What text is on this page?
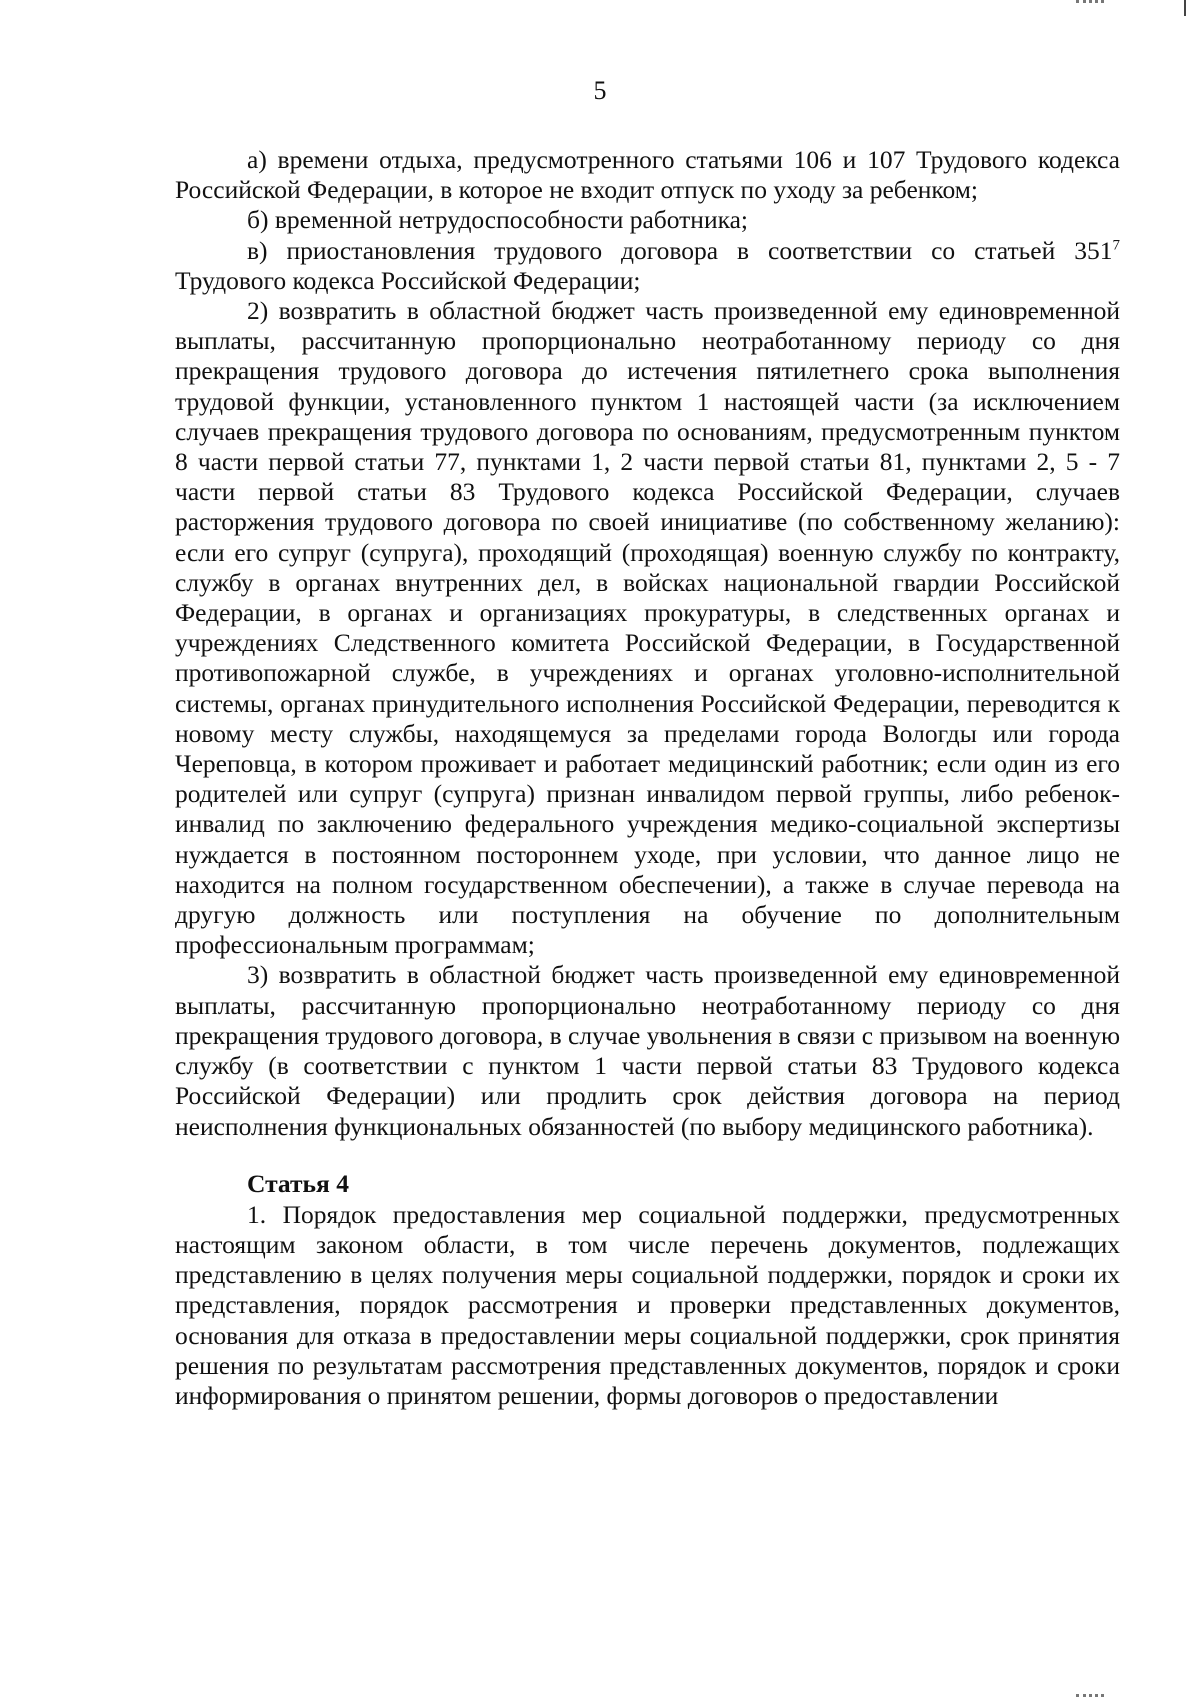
5

а) времени отдыха, предусмотренного статьями 106 и 107 Трудового кодекса Российской Федерации, в которое не входит отпуск по уходу за ребенком;

б) временной нетрудоспособности работника;

в) приостановления трудового договора в соответствии со статьей $351^7$ Трудового кодекса Российской Федерации;

2) возвратить в областной бюджет часть произведенной ему единовременной выплаты, рассчитанную пропорционально неотработанному периоду со дня прекращения трудового договора до истечения пятилетнего срока выполнения трудовой функции, установленного пунктом 1 настоящей части (за исключением случаев прекращения трудового договора по основаниям, предусмотренным пунктом 8 части первой статьи 77, пунктами 1, 2 части первой статьи 81, пунктами 2, 5 - 7 части первой статьи 83 Трудового кодекса Российской Федерации, случаев расторжения трудового договора по своей инициативе (по собственному желанию): если его супруг (супруга), проходящий (проходящая) военную службу по контракту, службу в органах внутренних дел, в войсках национальной гвардии Российской Федерации, в органах и организациях прокуратуры, в следственных органах и учреждениях Следственного комитета Российской Федерации, в Государственной противопожарной службе, в учреждениях и органах уголовно-исполнительной системы, органах принудительного исполнения Российской Федерации, переводится к новому месту службы, находящемуся за пределами города Вологды или города Череповца, в котором проживает и работает медицинский работник; если один из его родителей или супруг (супруга) признан инвалидом первой группы, либо ребенок-инвалид по заключению федерального учреждения медико-социальной экспертизы нуждается в постоянном постороннем уходе, при условии, что данное лицо не находится на полном государственном обеспечении), а также в случае перевода на другую должность или поступления на обучение по дополнительным профессиональным программам;

3) возвратить в областной бюджет часть произведенной ему единовременной выплаты, рассчитанную пропорционально неотработанному периоду со дня прекращения трудового договора, в случае увольнения в связи с призывом на военную службу (в соответствии с пунктом 1 части первой статьи 83 Трудового кодекса Российской Федерации) или продлить срок действия договора на период неисполнения функциональных обязанностей (по выбору медицинского работника).

Статья 4

1. Порядок предоставления мер социальной поддержки, предусмотренных настоящим законом области, в том числе перечень документов, подлежащих представлению в целях получения меры социальной поддержки, порядок и сроки их представления, порядок рассмотрения и проверки представленных документов, основания для отказа в предоставлении меры социальной поддержки, срок принятия решения по результатам рассмотрения представленных документов, порядок и сроки информирования о принятом решении, формы договоров о предоставлении
